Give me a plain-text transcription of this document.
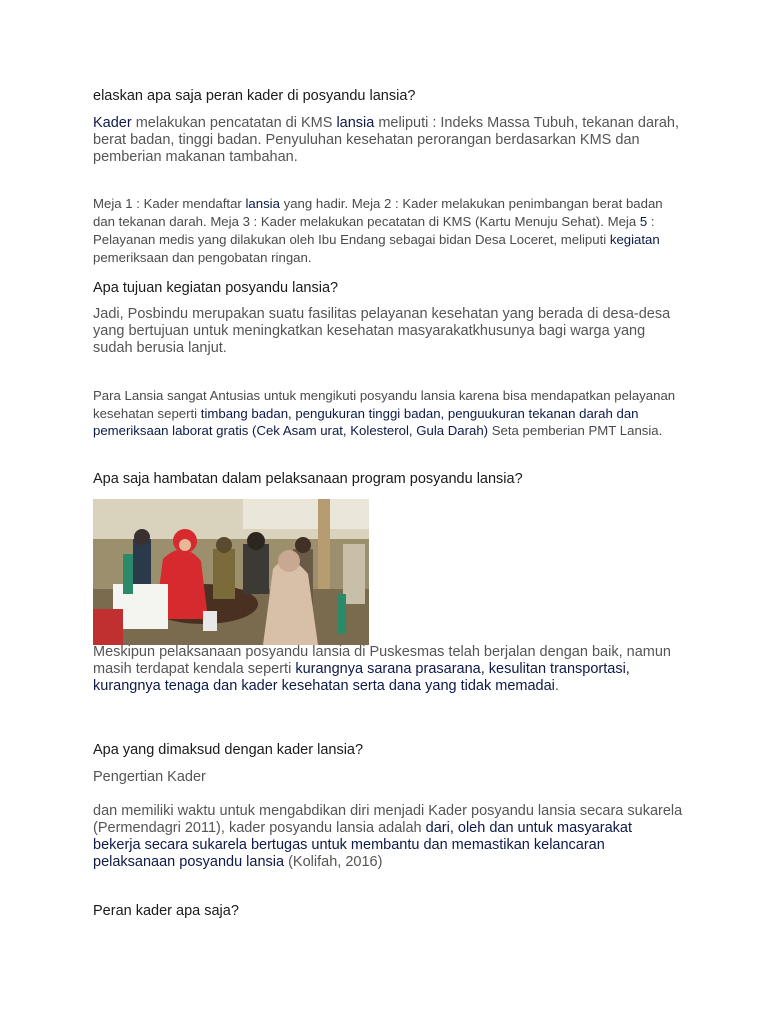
elaskan apa saja peran kader di posyandu lansia?

Kader melakukan pencatatan di KMS lansia meliputi : Indeks Massa Tubuh, tekanan darah, berat badan, tinggi badan. Penyuluhan kesehatan perorangan berdasarkan KMS dan pemberian makanan tambahan.

Meja 1 : Kader mendaftar lansia yang hadir. Meja 2 : Kader melakukan penimbangan berat badan dan tekanan darah. Meja 3 : Kader melakukan pecatatan di KMS (Kartu Menuju Sehat). Meja 5 : Pelayanan medis yang dilakukan oleh Ibu Endang sebagai bidan Desa Loceret, meliputi kegiatan pemeriksaan dan pengobatan ringan.

Apa tujuan kegiatan posyandu lansia?

Jadi, Posbindu merupakan suatu fasilitas pelayanan kesehatan yang berada di desa-desa yang bertujuan untuk meningkatkan kesehatan masyarakatkhusunya bagi warga yang sudah berusia lanjut.

Para Lansia sangat Antusias untuk mengikuti posyandu lansia karena bisa mendapatkan pelayanan kesehatan seperti timbang badan, pengukuran tinggi badan, penguukuran tekanan darah dan pemeriksaan laborat gratis (Cek Asam urat, Kolesterol, Gula Darah) Seta pemberian PMT Lansia.

Apa saja hambatan dalam pelaksanaan program posyandu lansia?

Meskipun pelaksanaan posyandu lansia di Puskesmas telah berjalan dengan baik, namun masih terdapat kendala seperti kurangnya sarana prasarana, kesulitan transportasi, kurangnya tenaga dan kader kesehatan serta dana yang tidak memadai.

Apa yang dimaksud dengan kader lansia?

Pengertian Kader

dan memiliki waktu untuk mengabdikan diri menjadi Kader posyandu lansia secara sukarela (Permendagri 2011), kader posyandu lansia adalah dari, oleh dan untuk masyarakat bekerja secara sukarela bertugas untuk membantu dan memastikan kelancaran pelaksanaan posyandu lansia (Kolifah, 2016)

Peran kader apa saja?
